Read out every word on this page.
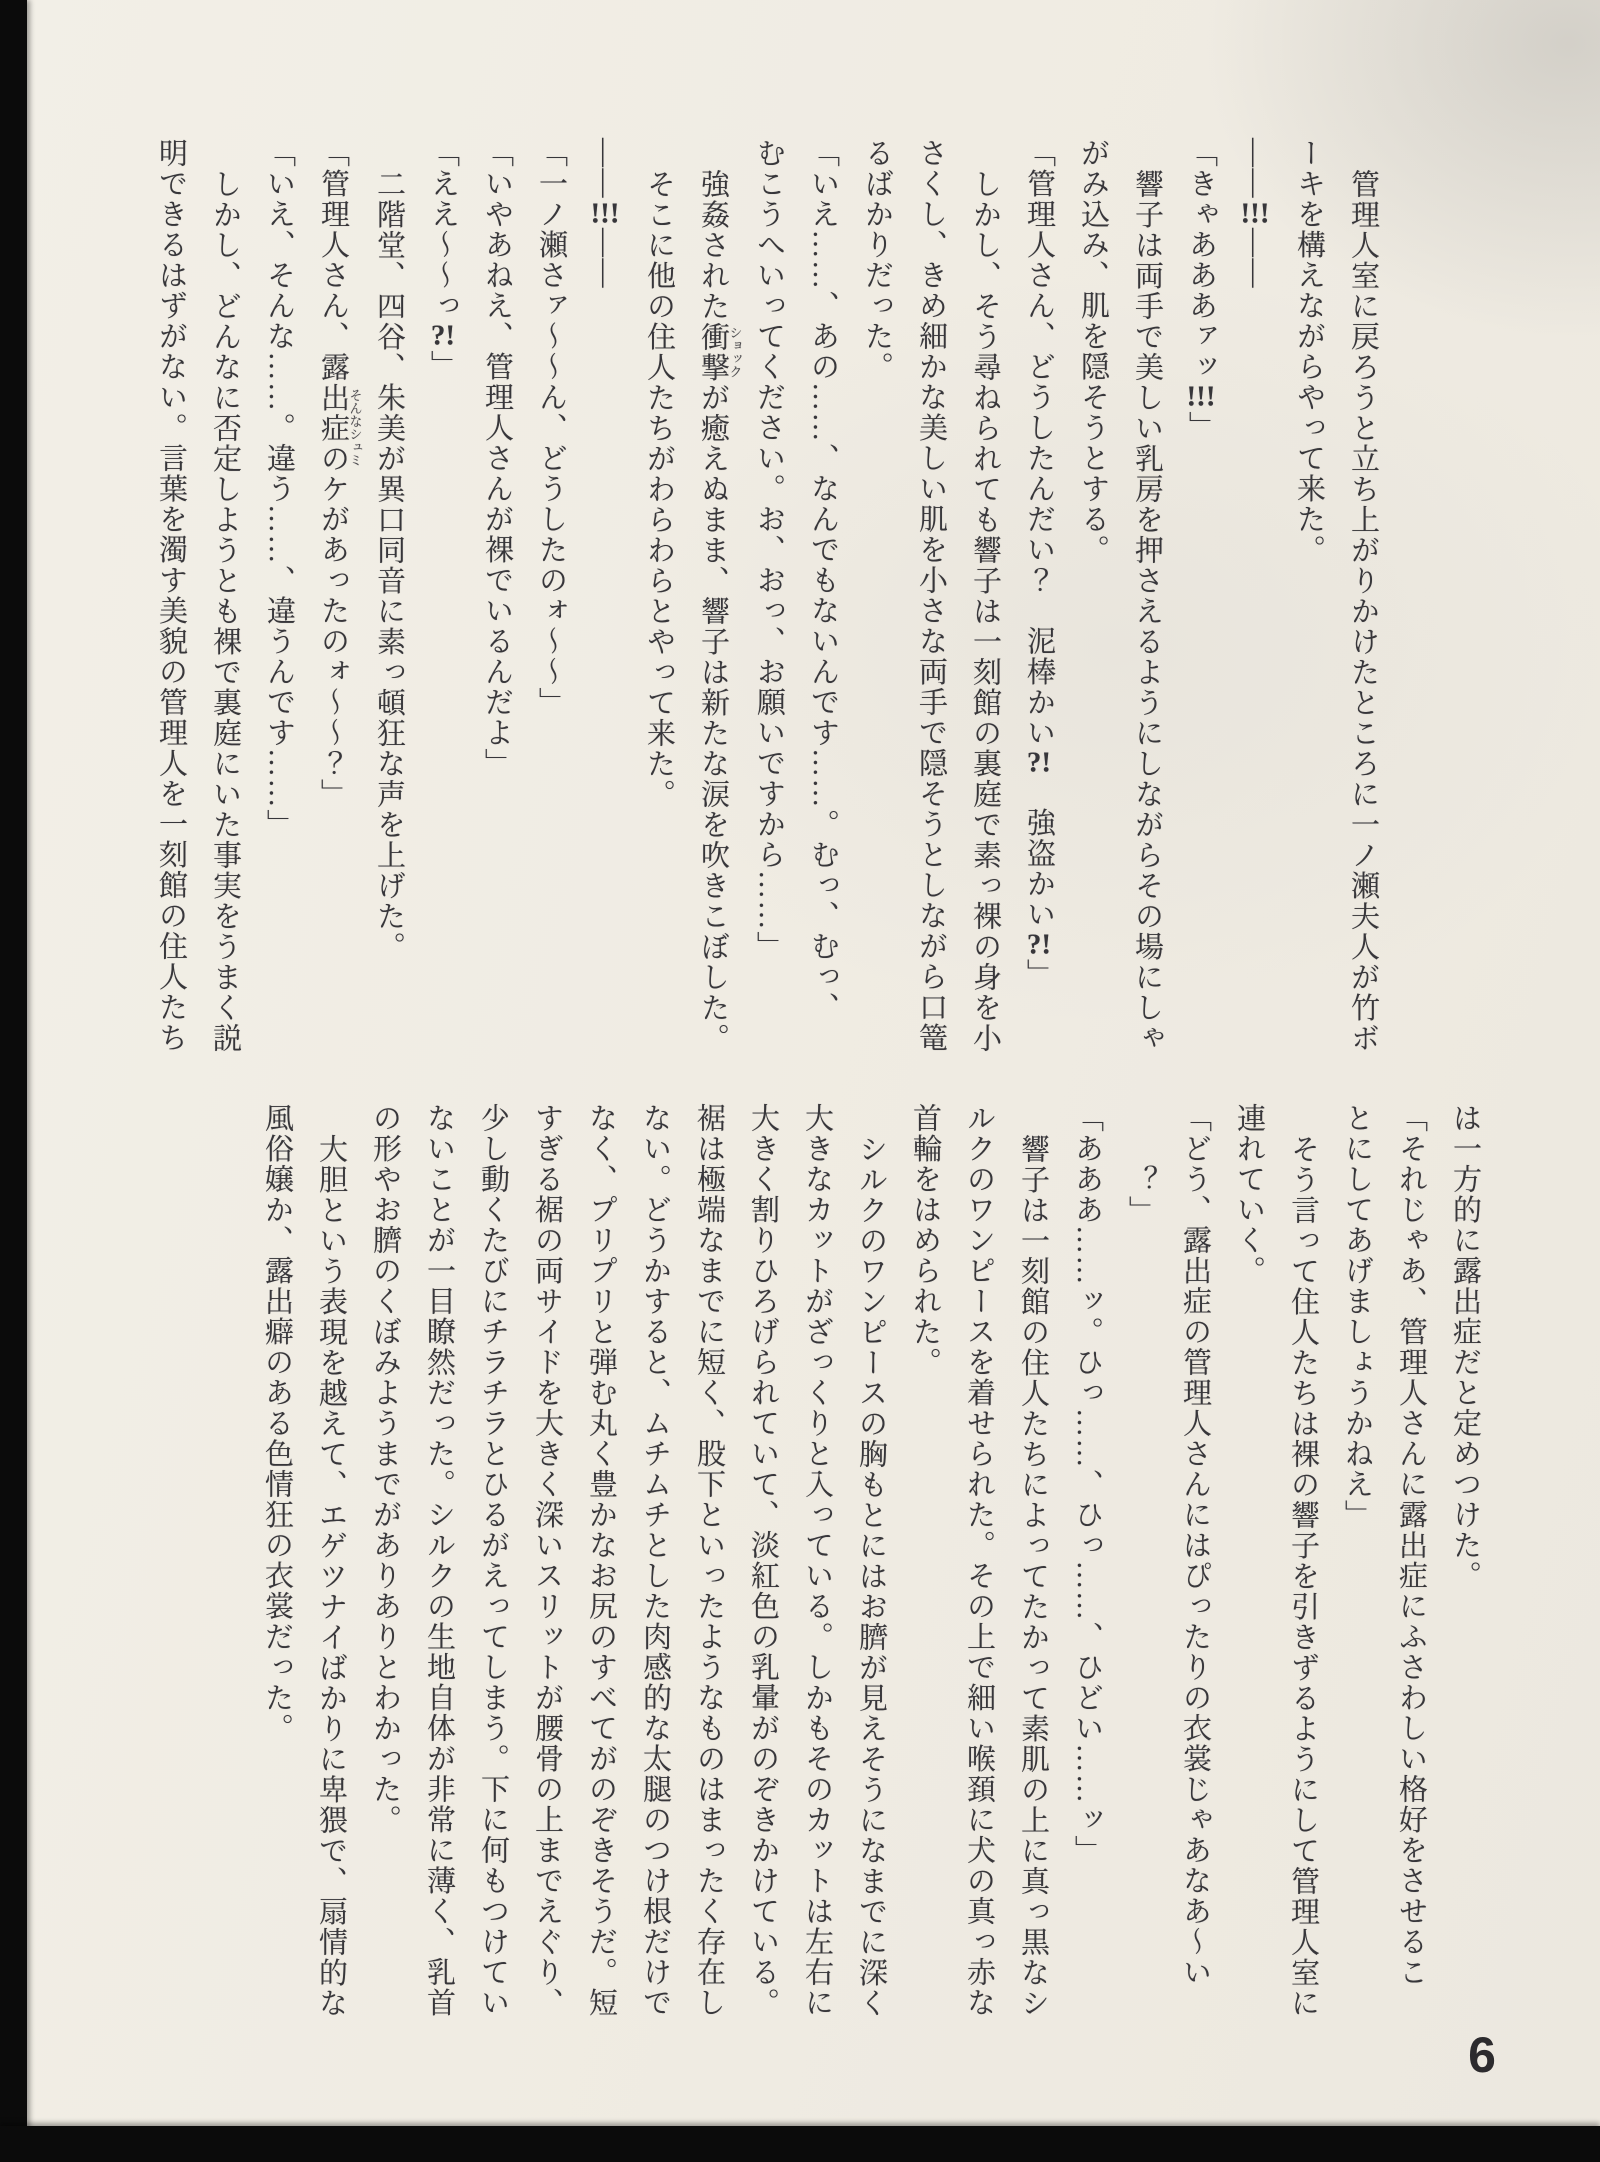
管理人室に戻ろうと立ち上がりかけたところに一ノ瀬夫人が竹ボ
ーキを構えながらやって来た。
――!!!――
「きゃあああァッ!!!」
響子は両手で美しい乳房を押さえるようにしながらその場にしゃ
がみ込み、肌を隠そうとする。
「管理人さん、どうしたんだい？　泥棒かい?!　強盗かい?!」
しかし、そう尋ねられても響子は一刻館の裏庭で素っ裸の身を小
さくし、きめ細かな美しい肌を小さな両手で隠そうとしながら口篭
るばかりだった。
「いえ……、あの……、なんでもないんです……。むっ、むっ、
むこうへいってください。お、おっ、お願いですから……」
強姦された衝撃ショックが癒えぬまま、響子は新たな涙を吹きこぼした。
そこに他の住人たちがわらわらとやって来た。
――!!!――
「一ノ瀬さァ～～ん、どうしたのォ～～」
「いやあねえ、管理人さんが裸でいるんだよ」
「ええ～～っ?!」
二階堂、四谷、朱美が異口同音に素っ頓狂な声を上げた。
「管理人さん、露出症のケそんなシュミがあったのォ～～？」
「いえ、そんな……。違う……、違うんです……」
しかし、どんなに否定しようとも裸で裏庭にいた事実をうまく説
明できるはずがない。言葉を濁す美貌の管理人を一刻館の住人たち
は一方的に露出症だと定めつけた。
「それじゃあ、管理人さんに露出症にふさわしい格好をさせるこ
とにしてあげましょうかねえ」
そう言って住人たちは裸の響子を引きずるようにして管理人室に
連れていく。
「どう、露出症の管理人さんにはぴったりの衣裳じゃあなあ～い
？」
「あああ……ッ。ひっ……、ひっ……、ひどい……ッ」
響子は一刻館の住人たちによってたかって素肌の上に真っ黒なシ
ルクのワンピースを着せられた。その上で細い喉頚に犬の真っ赤な
首輪をはめられた。
シルクのワンピースの胸もとにはお臍が見えそうになまでに深く
大きなカットがざっくりと入っている。しかもそのカットは左右に
大きく割りひろげられていて、淡紅色の乳暈がのぞきかけている。
裾は極端なまでに短く、股下といったようなものはまったく存在し
ない。どうかすると、ムチムチとした肉感的な太腿のつけ根だけで
なく、プリプリと弾む丸く豊かなお尻のすべてがのぞきそうだ。短
すぎる裾の両サイドを大きく深いスリットが腰骨の上までえぐり、
少し動くたびにチラチラとひるがえってしまう。下に何もつけてい
ないことが一目瞭然だった。シルクの生地自体が非常に薄く、乳首
の形やお臍のくぼみようまでがありありとわかった。
大胆という表現を越えて、エゲツナイばかりに卑猥で、扇情的な
風俗嬢か、露出癖のある色情狂の衣裳だった。
6
